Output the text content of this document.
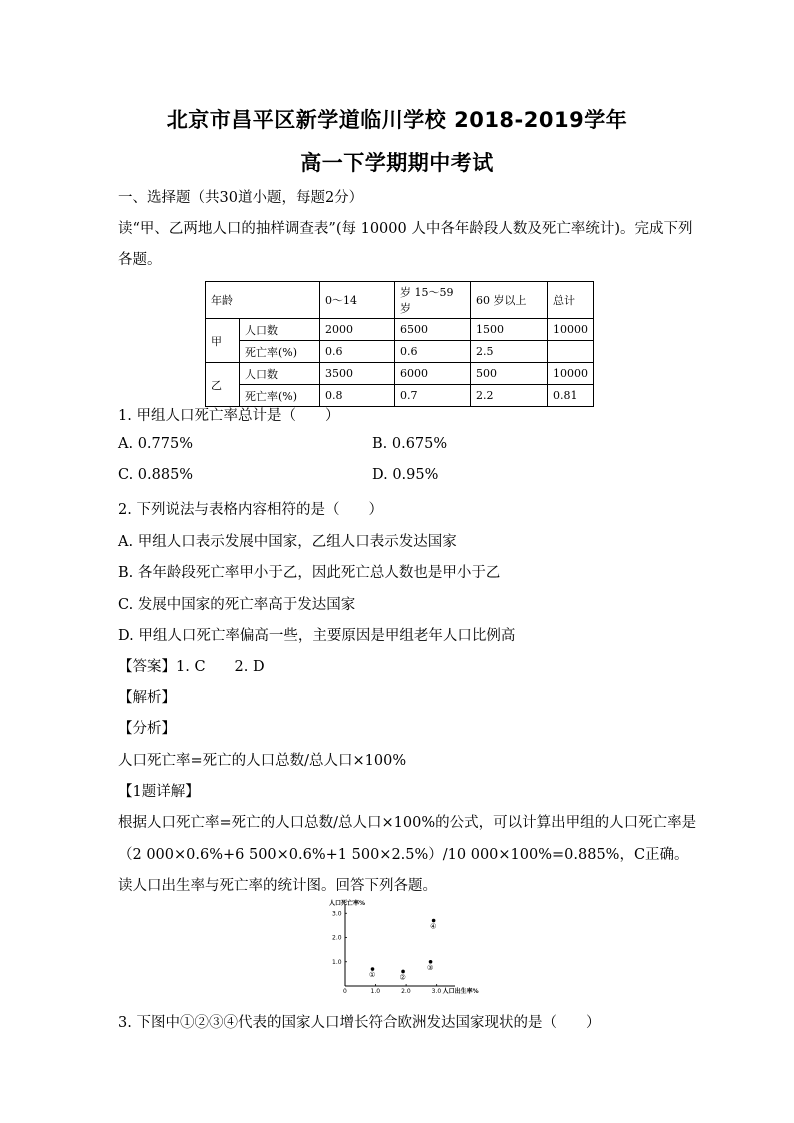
北京市昌平区新学道临川学校 2018-2019学年
高一下学期期中考试
一、选择题（共30道小题，每题2分）
读“甲、乙两地人口的抽样调查表”(每 10000 人中各年龄段人数及死亡率统计)。完成下列
各题。
年龄		0～14	岁 15～59 岁	60 岁以上	总计
甲	人口数	2000	6500	1500	10000
	死亡率(%)	0.6	0.6	2.5	
乙	人口数	3500	6000	500	10000
	死亡率(%)	0.8	0.7	2.2	0.81
1. 甲组人口死亡率总计是（　　）
A. 0.775%	B. 0.675%
C. 0.885%	D. 0.95%
2. 下列说法与表格内容相符的是（　　）
A. 甲组人口表示发展中国家，乙组人口表示发达国家
B. 各年龄段死亡率甲小于乙，因此死亡总人数也是甲小于乙
C. 发展中国家的死亡率高于发达国家
D. 甲组人口死亡率偏高一些，主要原因是甲组老年人口比例高
【答案】1. C　　2. D
【解析】
【分析】
人口死亡率=死亡的人口总数/总人口×100%
【1题详解】
根据人口死亡率=死亡的人口总数/总人口×100%的公式，可以计算出甲组的人口死亡率是
（2 000×0.6%+6 500×0.6%+1 500×2.5%）/10 000×100%=0.885%，C正确。
读人口出生率与死亡率的统计图。回答下列各题。
人口死亡率%
人口出生率%
0	1.0	2.0	3.0
1.0
2.0
3.0
①	②
③
④
3. 下图中①②③④代表的国家人口增长符合欧洲发达国家现状的是（　　）
